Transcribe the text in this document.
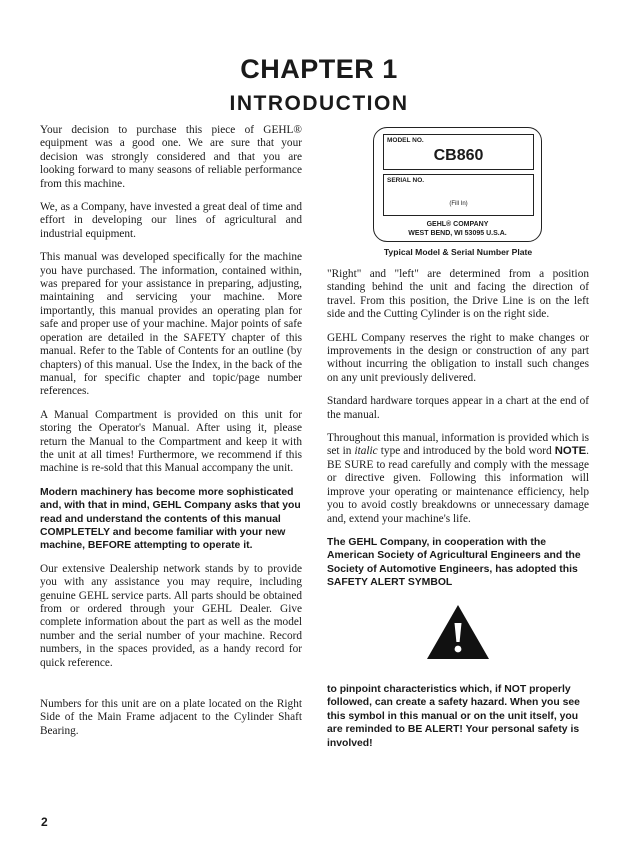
CHAPTER 1
INTRODUCTION

Your decision to purchase this piece of GEHL® equipment was a good one. We are sure that your decision was strongly considered and that you are looking forward to many seasons of reliable performance from this machine.

We, as a Company, have invested a great deal of time and effort in developing our lines of agricultural and industrial equipment.

This manual was developed specifically for the machine you have purchased. The information, contained within, was prepared for your assistance in preparing, adjusting, maintaining and servicing your machine. More importantly, this manual provides an operating plan for safe and proper use of your machine. Major points of safe operation are detailed in the SAFETY chapter of this manual. Refer to the Table of Contents for an outline (by chapters) of this manual. Use the Index, in the back of the manual, for specific chapter and topic/page number references.

A Manual Compartment is provided on this unit for storing the Operator's Manual. After using it, please return the Manual to the Compartment and keep it with the unit at all times! Furthermore, we recommend if this machine is re-sold that this Manual accompany the unit.

Modern machinery has become more sophisticated and, with that in mind, GEHL Company asks that you read and understand the contents of this manual COMPLETELY and become familiar with your new machine, BEFORE attempting to operate it.

Our extensive Dealership network stands by to provide you with any assistance you may require, including genuine GEHL service parts. All parts should be obtained from or ordered through your GEHL Dealer. Give complete information about the part as well as the model number and the serial number of your machine. Record numbers, in the spaces provided, as a handy record for quick reference.

Numbers for this unit are on a plate located on the Right Side of the Main Frame adjacent to the Cylinder Shaft Bearing.

MODEL NO.
CB860
SERIAL NO.
(Fill In)
GEHL® COMPANY
WEST BEND, WI 53095 U.S.A.
Typical Model & Serial Number Plate

"Right" and "left" are determined from a position standing behind the unit and facing the direction of travel. From this position, the Drive Line is on the left side and the Cutting Cylinder is on the right side.

GEHL Company reserves the right to make changes or improvements in the design or construction of any part without incurring the obligation to install such changes on any unit previously delivered.

Standard hardware torques appear in a chart at the end of the manual.

Throughout this manual, information is provided which is set in italic type and introduced by the bold word NOTE. BE SURE to read carefully and comply with the message or directive given. Following this information will improve your operating or maintenance efficiency, help you to avoid costly breakdowns or unnecessary damage and, extend your machine's life.

The GEHL Company, in cooperation with the American Society of Agricultural Engineers and the Society of Automotive Engineers, has adopted this SAFETY ALERT SYMBOL

to pinpoint characteristics which, if NOT properly followed, can create a safety hazard. When you see this symbol in this manual or on the unit itself, you are reminded to BE ALERT! Your personal safety is involved!

2
